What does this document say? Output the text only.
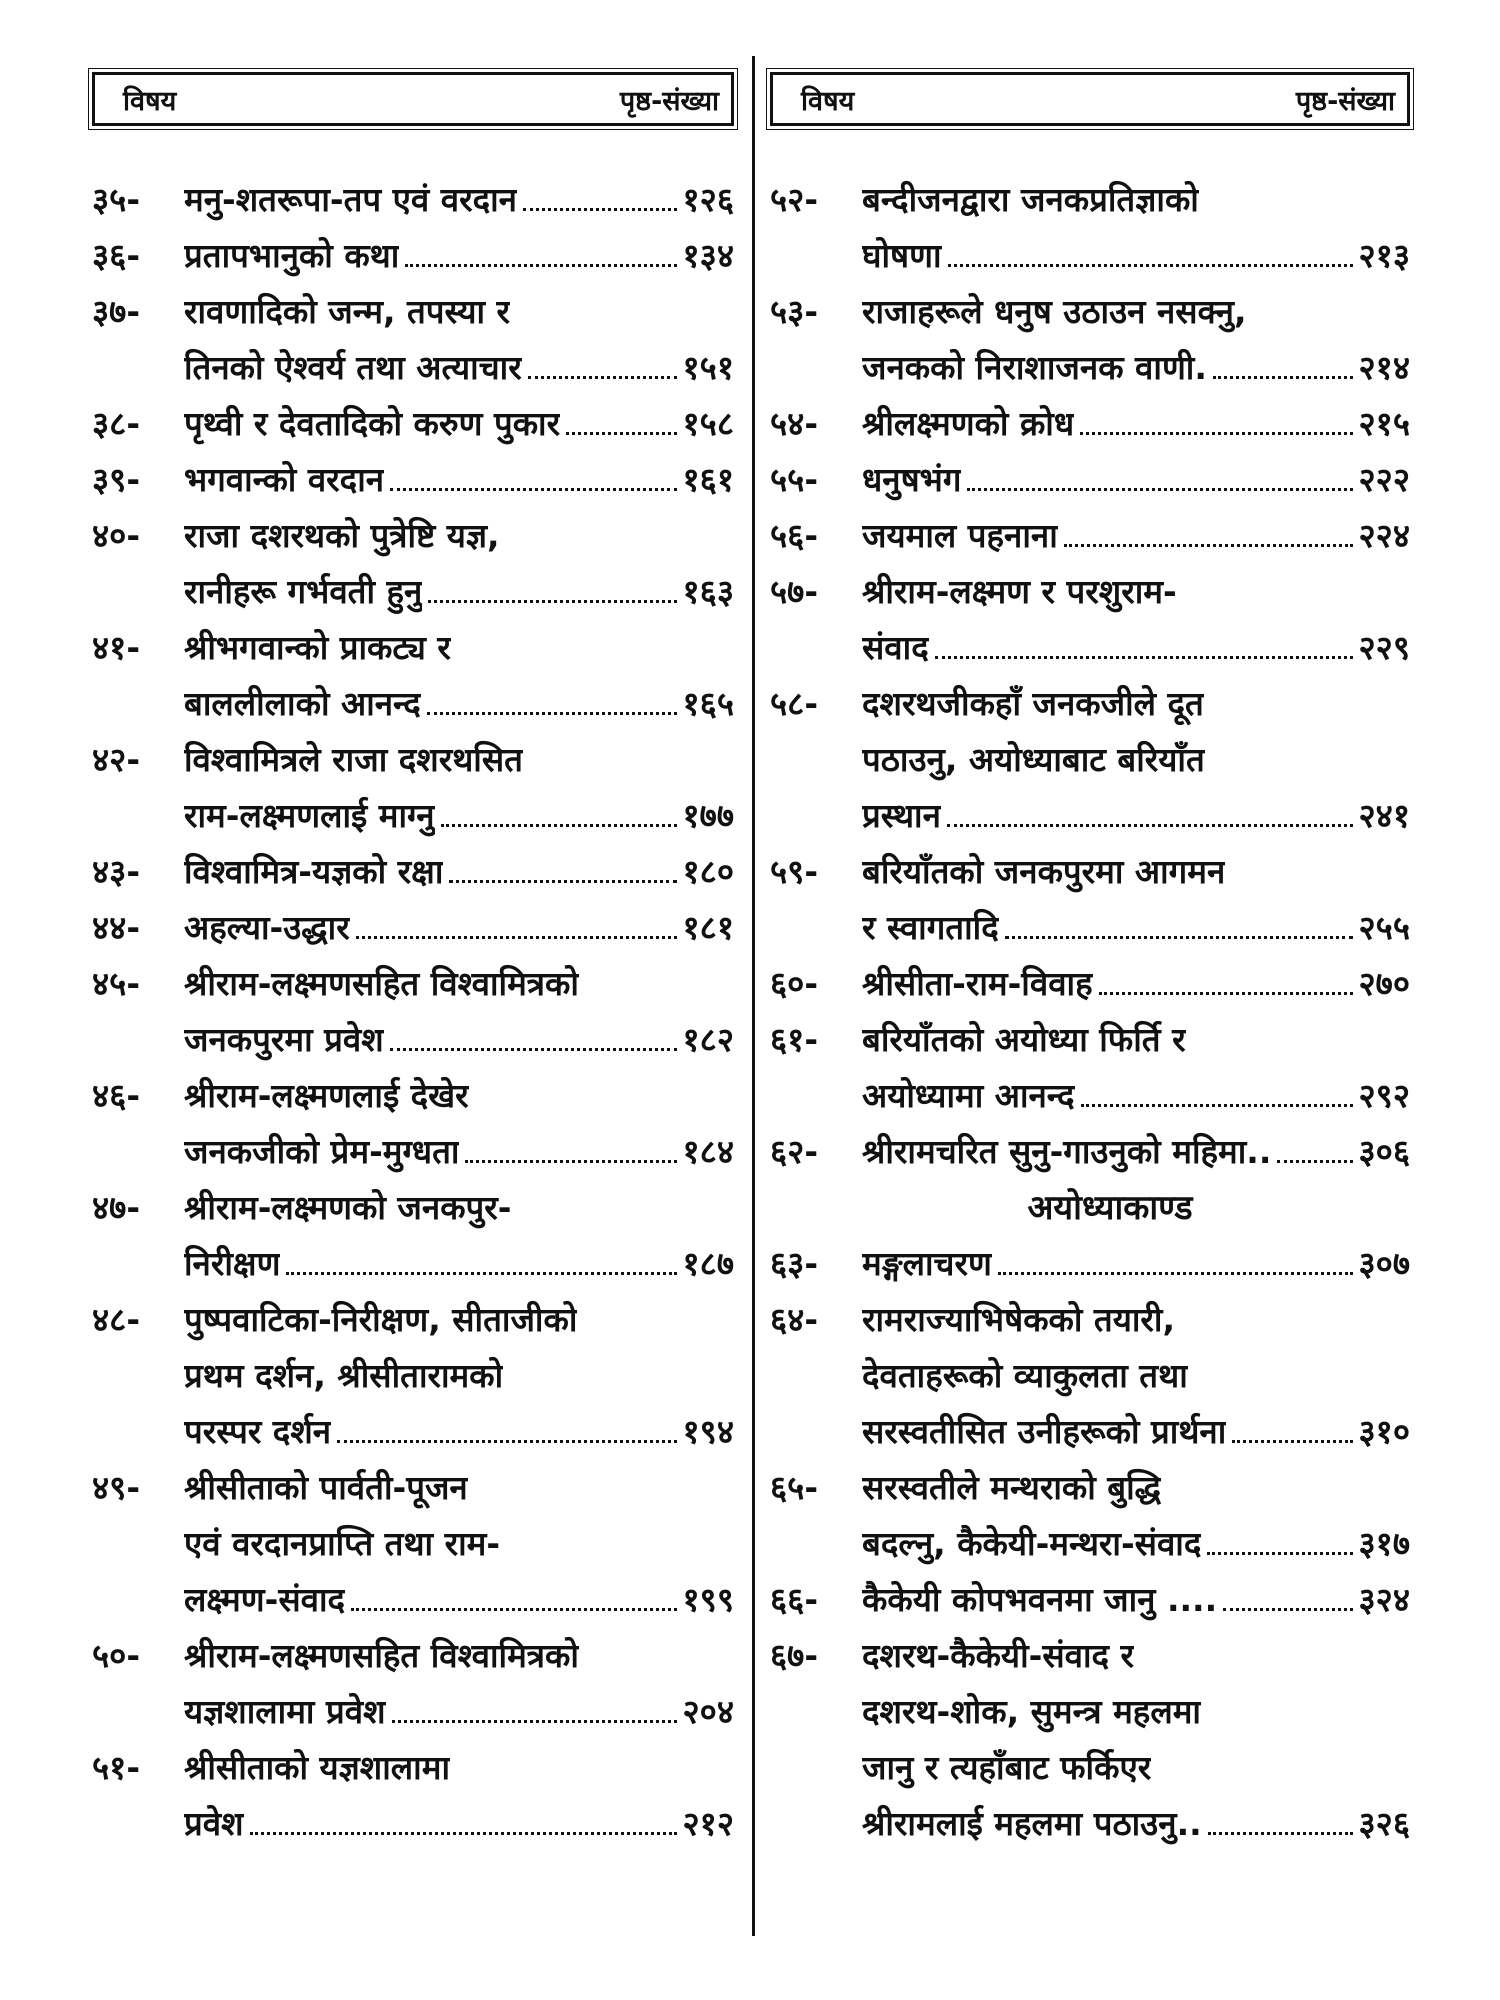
विषय	पृष्ठ-संख्या
३५-	मनु-शतरूपा-तप एवं वरदान	१२६
३६-	प्रतापभानुको कथा	१३४
३७-	रावणादिको जन्म, तपस्या र
तिनको ऐश्वर्य तथा अत्याचार	१५१
३८-	पृथ्वी र देवतादिको करुण पुकार	१५८
३९-	भगवान्को वरदान	१६१
४०-	राजा दशरथको पुत्रेष्टि यज्ञ,
रानीहरू गर्भवती हुनु	१६३
४१-	श्रीभगवान्को प्राकट्य र
बाललीलाको आनन्द	१६५
४२-	विश्वामित्रले राजा दशरथसित
राम-लक्ष्मणलाई माग्नु	१७७
४३-	विश्वामित्र-यज्ञको रक्षा	१८०
४४-	अहल्या-उद्धार	१८१
४५-	श्रीराम-लक्ष्मणसहित विश्वामित्रको
जनकपुरमा प्रवेश	१८२
४६-	श्रीराम-लक्ष्मणलाई देखेर
जनकजीको प्रेम-मुग्धता	१८४
४७-	श्रीराम-लक्ष्मणको जनकपुर-
निरीक्षण	१८७
४८-	पुष्पवाटिका-निरीक्षण, सीताजीको
प्रथम दर्शन, श्रीसीतारामको
परस्पर दर्शन	१९४
४९-	श्रीसीताको पार्वती-पूजन
एवं वरदानप्राप्ति तथा राम-
लक्ष्मण-संवाद	१९९
५०-	श्रीराम-लक्ष्मणसहित विश्वामित्रको
यज्ञशालामा प्रवेश	२०४
५१-	श्रीसीताको यज्ञशालामा
प्रवेश	२१२
विषय	पृष्ठ-संख्या
५२-	बन्दीजनद्वारा जनकप्रतिज्ञाको
घोषणा	२१३
५३-	राजाहरूले धनुष उठाउन नसक्नु,
जनकको निराशाजनक वाणी.	२१४
५४-	श्रीलक्ष्मणको क्रोध	२१५
५५-	धनुषभंग	२२२
५६-	जयमाल पहनाना	२२४
५७-	श्रीराम-लक्ष्मण र परशुराम-
संवाद	२२९
५८-	दशरथजीकहाँ जनकजीले दूत
पठाउनु, अयोध्याबाट बरियाँत
प्रस्थान	२४१
५९-	बरियाँतको जनकपुरमा आगमन
र स्वागतादि	२५५
६०-	श्रीसीता-राम-विवाह	२७०
६१-	बरियाँतको अयोध्या फिर्ति र
अयोध्यामा आनन्द	२९२
६२-	श्रीरामचरित सुनु-गाउनुको महिमा..	३०६
अयोध्याकाण्ड
६३-	मङ्गलाचरण	३०७
६४-	रामराज्याभिषेकको तयारी,
देवताहरूको व्याकुलता तथा
सरस्वतीसित उनीहरूको प्रार्थना	३१०
६५-	सरस्वतीले मन्थराको बुद्धि
बदल्नु, कैकेयी-मन्थरा-संवाद	३१७
६६-	कैकेयी कोपभवनमा जानु ....	३२४
६७-	दशरथ-कैकेयी-संवाद र
दशरथ-शोक, सुमन्त्र महलमा
जानु र त्यहाँबाट फर्किएर
श्रीरामलाई महलमा पठाउनु..	३२६
